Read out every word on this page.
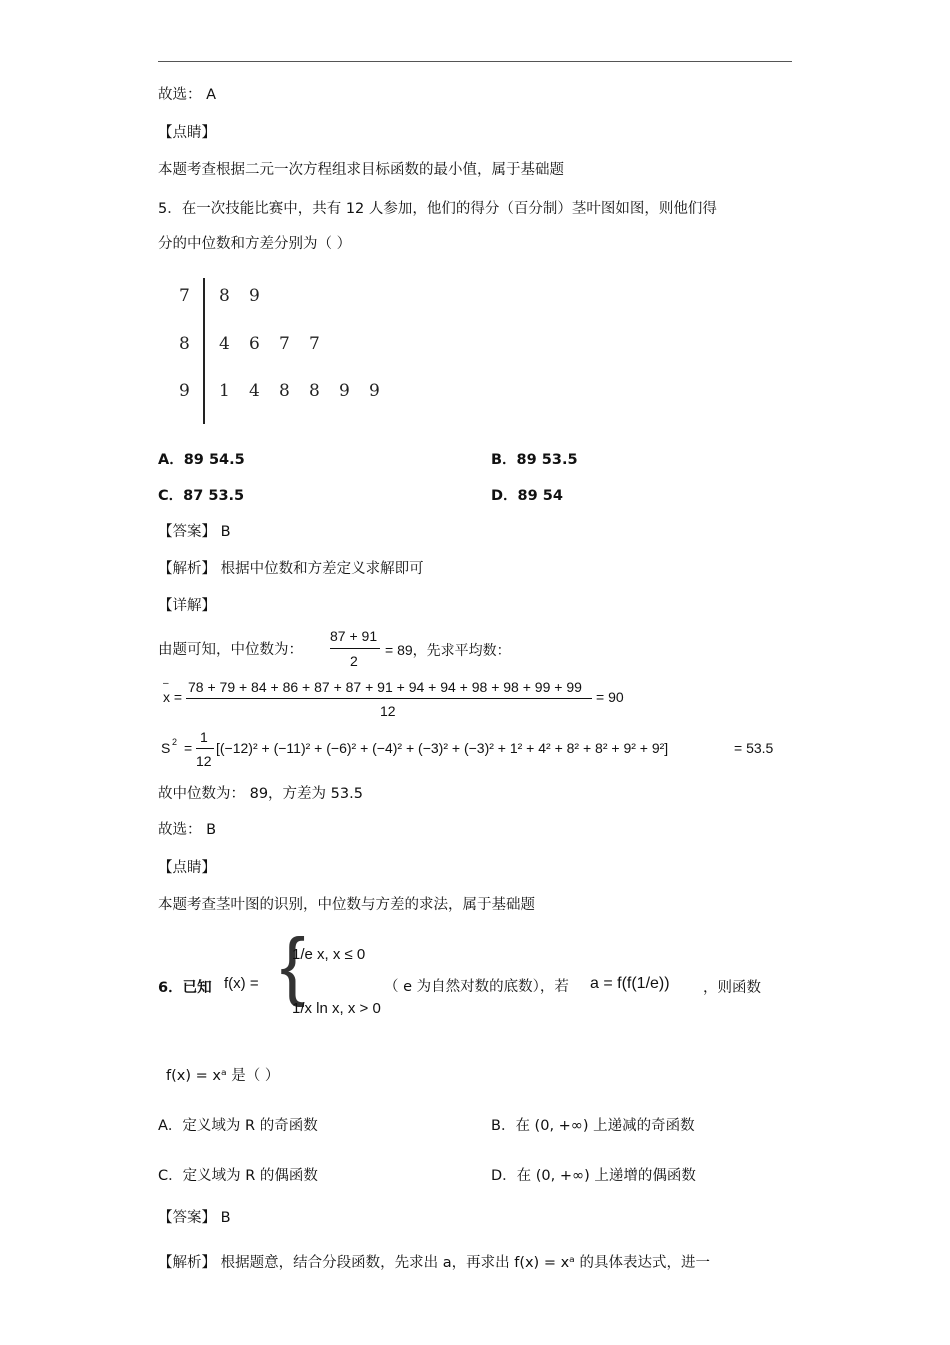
故选： A
【点睛】
本题考查根据二元一次方程组求目标函数的最小值，属于基础题
5．在一次技能比赛中，共有 12 人参加，他们的得分（百分制）茎叶图如图，则他们得
分的中位数和方差分别为（ ）
7 8 9
8 4 6 7 7
9 1 4 8 8 9 9
A．89 54.5	B．89 53.5
C．87 53.5	D．89 54
【答案】 B
【解析】 根据中位数和方差定义求解即可
【详解】
由题可知，中位数为：
87 + 91
2
= 89，先求平均数：
–
x =
78 + 79 + 84 + 86 + 87 + 87 + 91 + 94 + 94 + 98 + 98 + 99 + 99
12
= 90
S 2 =
1
12
[(−12)² + (−11)² + (−6)² + (−4)² + (−3)² + (−3)² + 1² + 4² + 8² + 8² + 9² + 9²]	= 53.5
故中位数为： 89，方差为 53.5
故选： B
【点睛】
本题考查茎叶图的识别，中位数与方差的求法，属于基础题
6．已知 f(x) = {
1/e x, x ≤ 0
1/x ln x, x > 0
（ e 为自然对数的底数），若 a = f(f(1/e)) ，则函数
f(x) = xᵃ 是（ ）
A．定义域为 R 的奇函数	B．在 (0, +∞) 上递减的奇函数
C．定义域为 R 的偶函数	D．在 (0, +∞) 上递增的偶函数
【答案】 B
【解析】 根据题意，结合分段函数，先求出 a，再求出 f(x) = xᵃ 的具体表达式，进一
